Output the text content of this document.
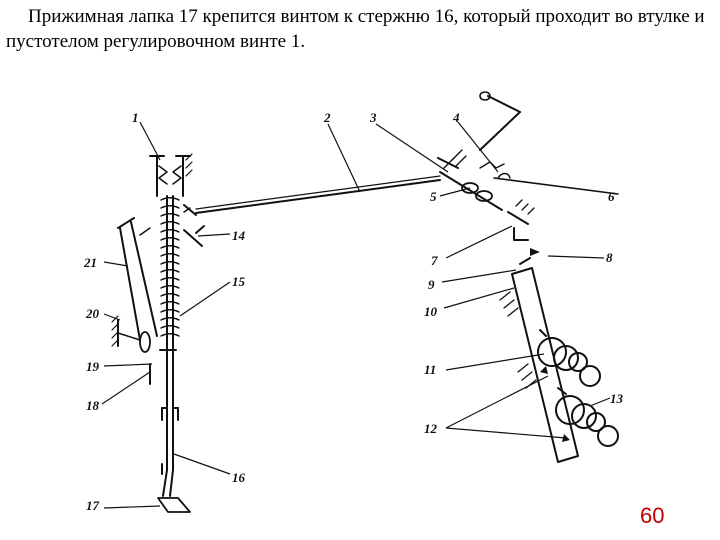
Прижимная лапка 17 крепится винтом к стержню 16, который проходит во втулке и пустотелом регулировочном винте 1.
1	2	3	4
5	6
7	8
9
10
11
12
13
14
15
16
17
18
19
20
21
60
